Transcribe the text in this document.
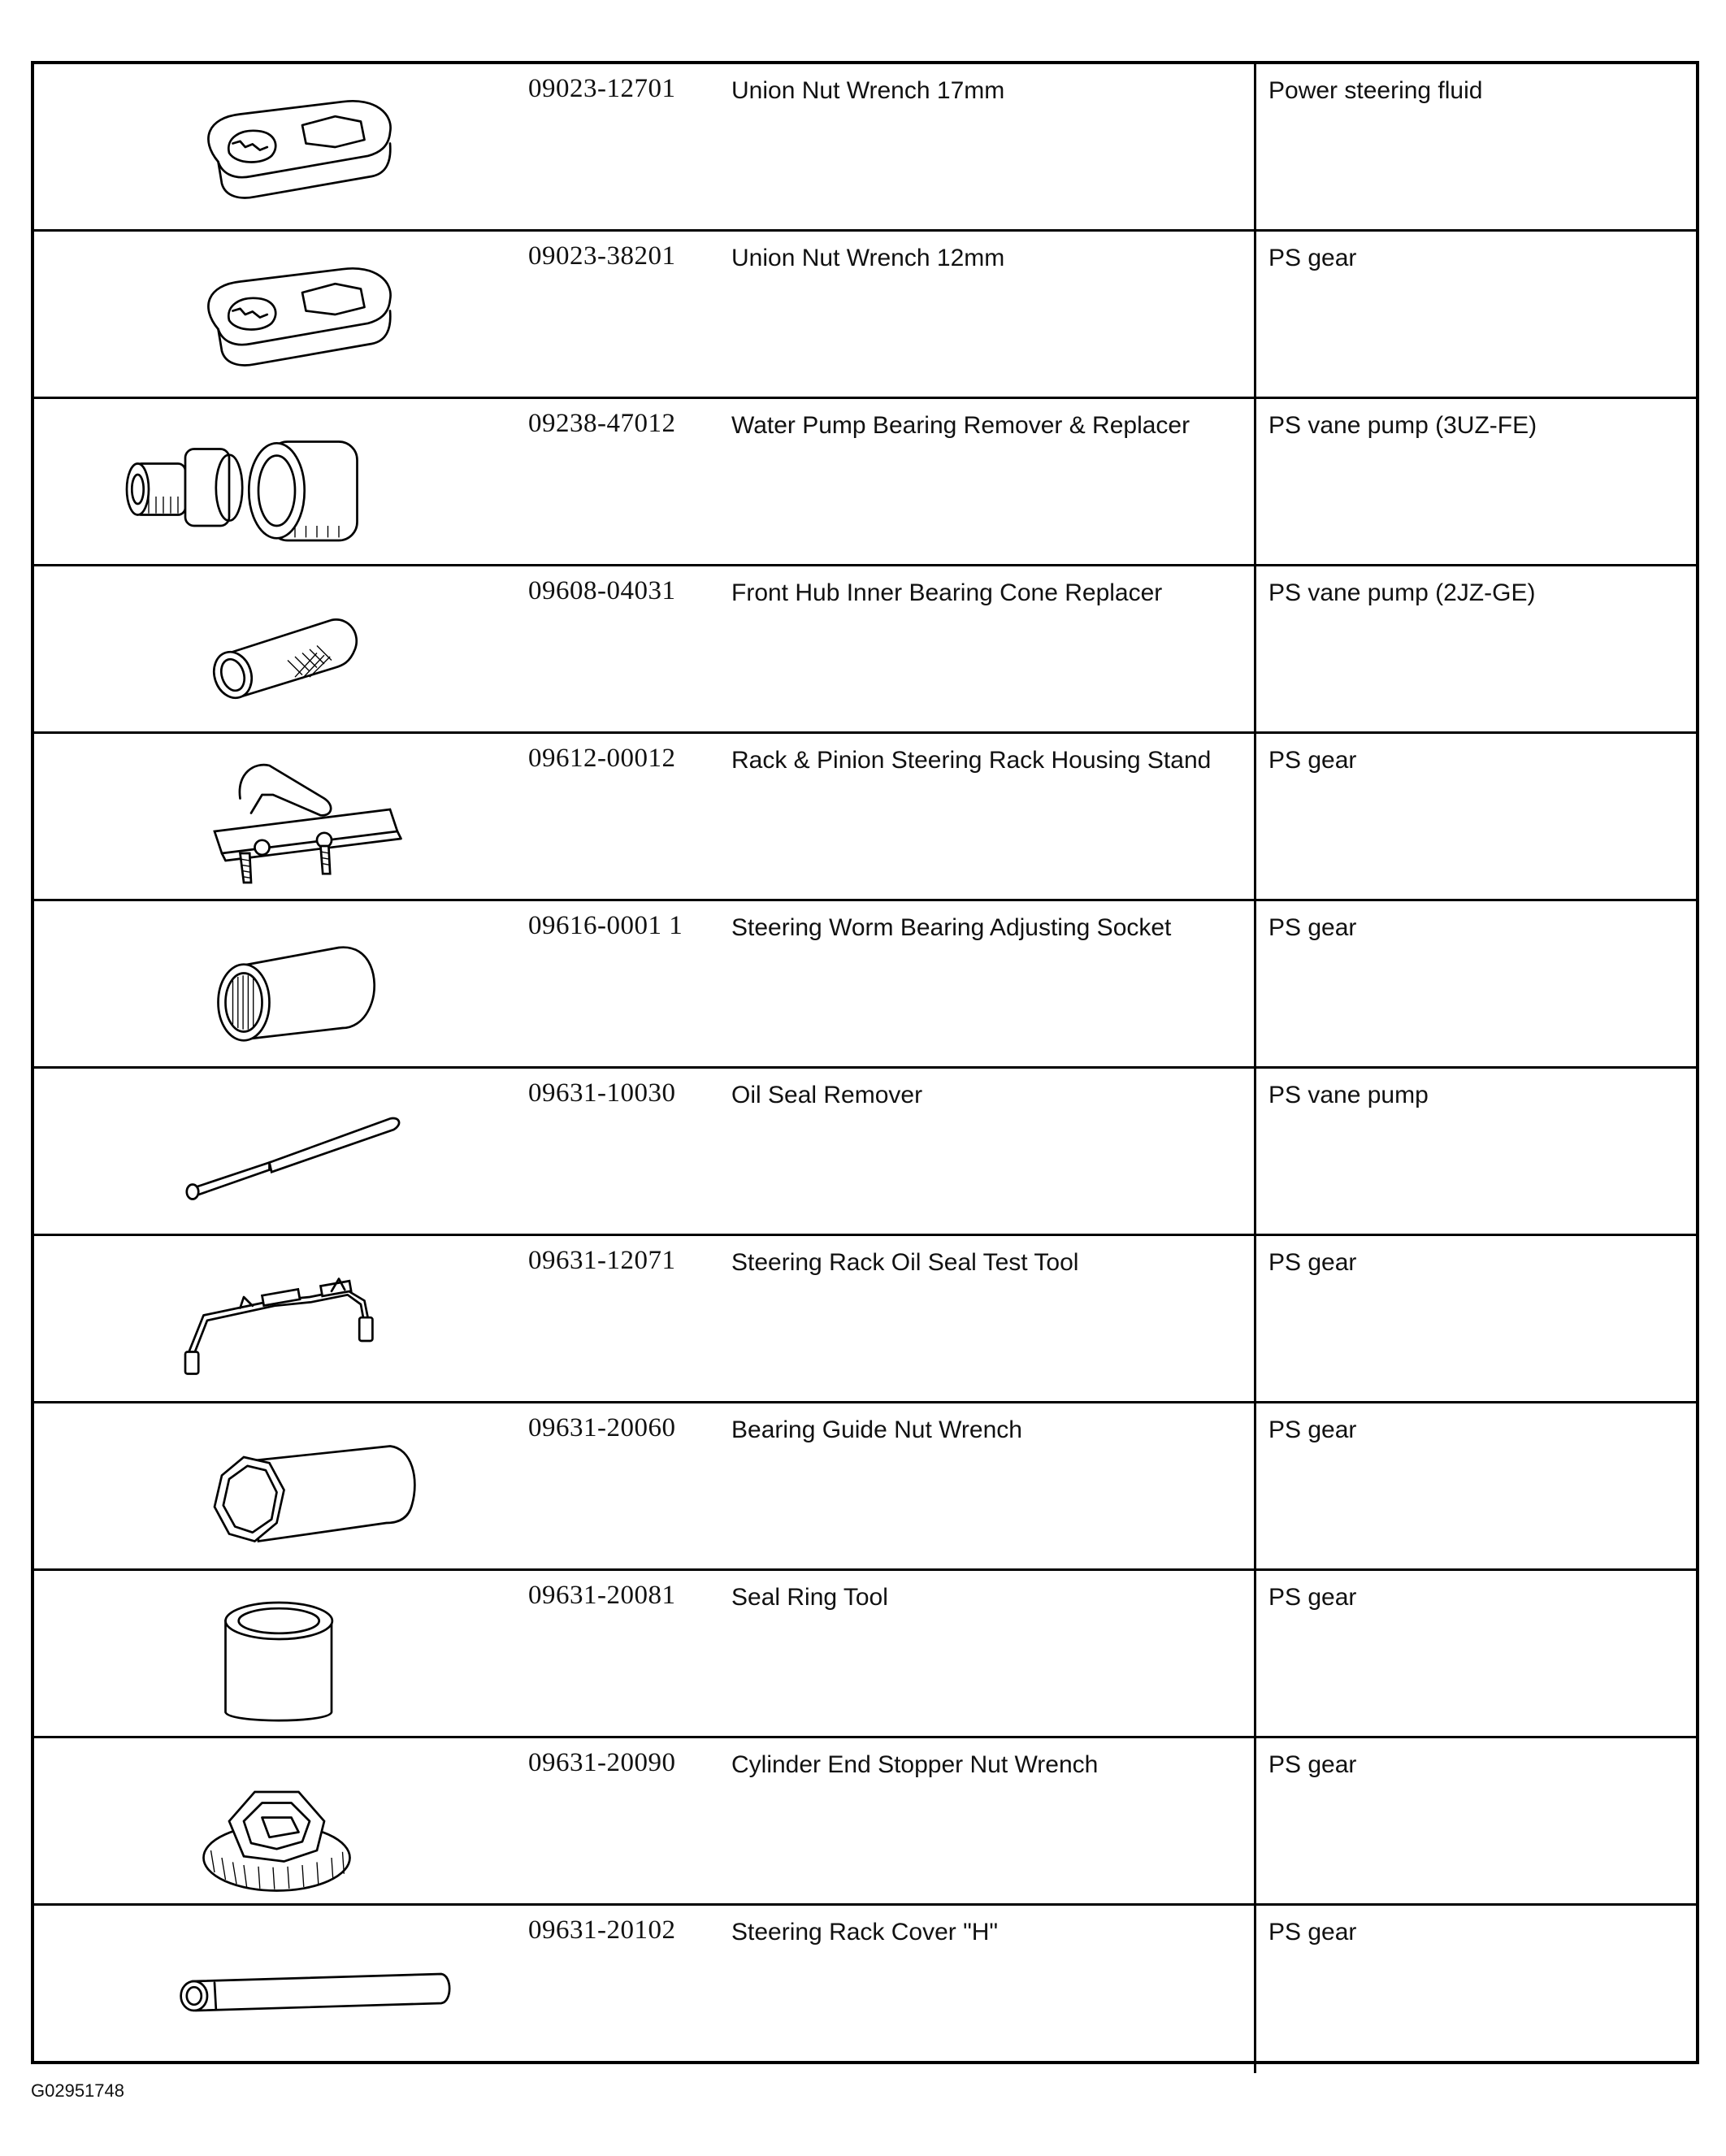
09023-12701	Union Nut Wrench 17mm	Power steering fluid
09023-38201	Union Nut Wrench 12mm	PS gear
09238-47012	Water Pump Bearing Remover & Replacer	PS vane pump (3UZ-FE)
09608-04031	Front Hub Inner Bearing Cone Replacer	PS vane pump (2JZ-GE)
09612-00012	Rack & Pinion Steering Rack Housing Stand	PS gear
09616-0001 1	Steering Worm Bearing Adjusting Socket	PS gear
09631-10030	Oil Seal Remover	PS vane pump
09631-12071	Steering Rack Oil Seal Test Tool	PS gear
09631-20060	Bearing Guide Nut Wrench	PS gear
09631-20081	Seal Ring Tool	PS gear
09631-20090	Cylinder End Stopper Nut Wrench	PS gear
09631-20102	Steering Rack Cover "H"	PS gear
G02951748
